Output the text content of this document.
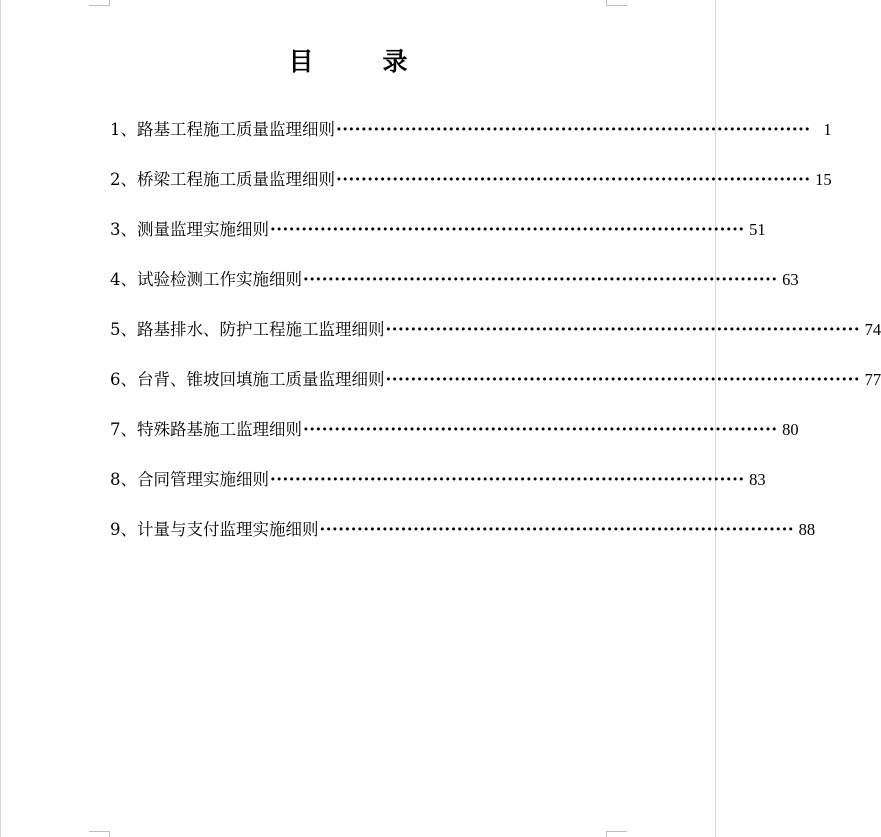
目　录
1、路基工程施工质量监理细则 ············································································ 1
2、桥梁工程施工质量监理细则 ············································································ 15
3、测量监理实施细则 ············································································ 51
4、试验检测工作实施细则 ············································································ 63
5、路基排水、防护工程施工监理细则 ············································································ 74
6、台背、锥坡回填施工质量监理细则 ············································································ 77
7、特殊路基施工监理细则 ············································································ 80
8、合同管理实施细则 ············································································ 83
9、计量与支付监理实施细则 ············································································ 88
